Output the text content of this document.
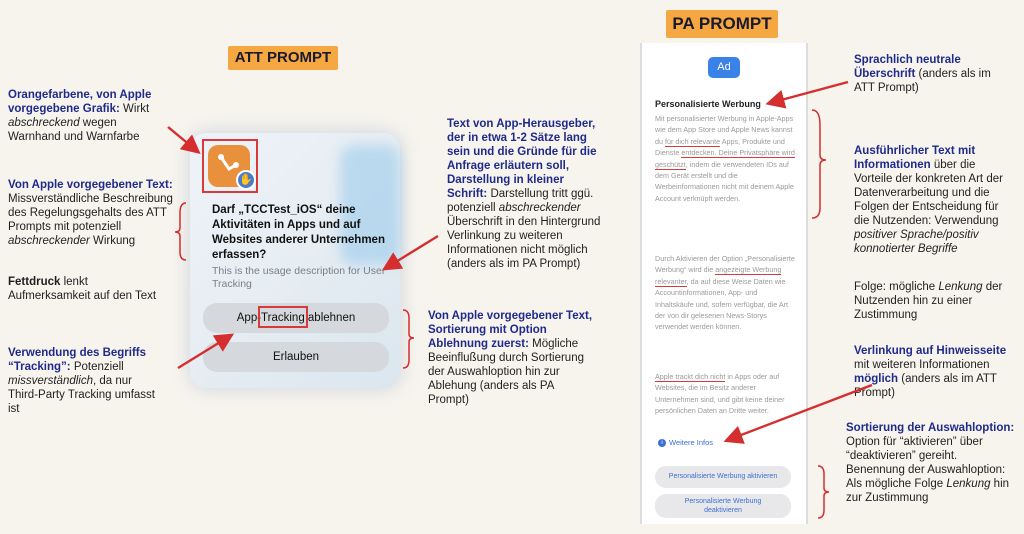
ATT PROMPT
PA PROMPT
Orangefarbene, von Apple vorgegebene Grafik: Wirkt abschreckend wegen Warnhand und Warnfarbe
Von Apple vorgegebener Text: Missverständliche Beschreibung des Regelungsgehalts des ATT Prompts mit potenziell abschreckender Wirkung
Fettdruck lenkt Aufmerksamkeit auf den Text
Verwendung des Begriffs “Tracking”: Potenziell missverständlich, da nur Third-Party Tracking umfasst ist
✋
Darf „TCCTest_iOS“ deine Aktivitäten in Apps und auf Websites anderer Unternehmen erfassen?
This is the usage description for User Tracking
App-Tracking ablehnen
Erlauben
Text von App-Herausgeber, der in etwa 1-2 Sätze lang sein und die Gründe für die Anfrage erläutern soll, Darstellung in kleiner Schrift: Darstellung tritt ggü. potenziell abschreckender Überschrift in den Hintergrund Verlinkung zu weiteren Informationen nicht möglich (anders als im PA Prompt)
Von Apple vorgegebener Text, Sortierung mit Option Ablehnung zuerst: Mögliche Beeinflußung durch Sortierung der Auswahloption hin zur Ablehung (anders als PA Prompt)
Ad
Personalisierte Werbung
Mit personalisierter Werbung in Apple-Apps wie dem App Store und Apple News kannst du für dich relevante Apps, Produkte und Dienste entdecken. Deine Privatsphäre wird geschützt, indem die verwendeten IDs auf dem Gerät erstellt und die Werbeinformationen nicht mit deinem Apple Account verknüpft werden.
Durch Aktivieren der Option „Personalisierte Werbung“ wird die angezeigte Werbung relevanter, da auf diese Weise Daten wie Accountinformationen, App- und Inhaltskäufe und, sofern verfügbar, die Art der von dir gelesenen News-Storys verwendet werden können.
Apple trackt dich nicht in Apps oder auf Websites, die im Besitz anderer Unternehmen sind, und gibt keine deiner persönlichen Daten an Dritte weiter.
i Weitere Infos
Personalisierte Werbung aktivieren
Personalisierte Werbung deaktivieren
Sprachlich neutrale Überschrift (anders als im ATT Prompt)
Ausführlicher Text mit Informationen über die Vorteile der konkreten Art der Datenverarbeitung und die Folgen der Entscheidung für die Nutzenden: Verwendung positiver Sprache/positiv konnotierter Begriffe
Folge: mögliche Lenkung der Nutzenden hin zu einer Zustimmung
Verlinkung auf Hinweisseite mit weiteren Informationen möglich (anders als im ATT Prompt)
Sortierung der Auswahloption: Option für “aktivieren” über “deaktivieren” gereiht. Benennung der Auswahloption: Als mögliche Folge Lenkung hin zur Zustimmung
